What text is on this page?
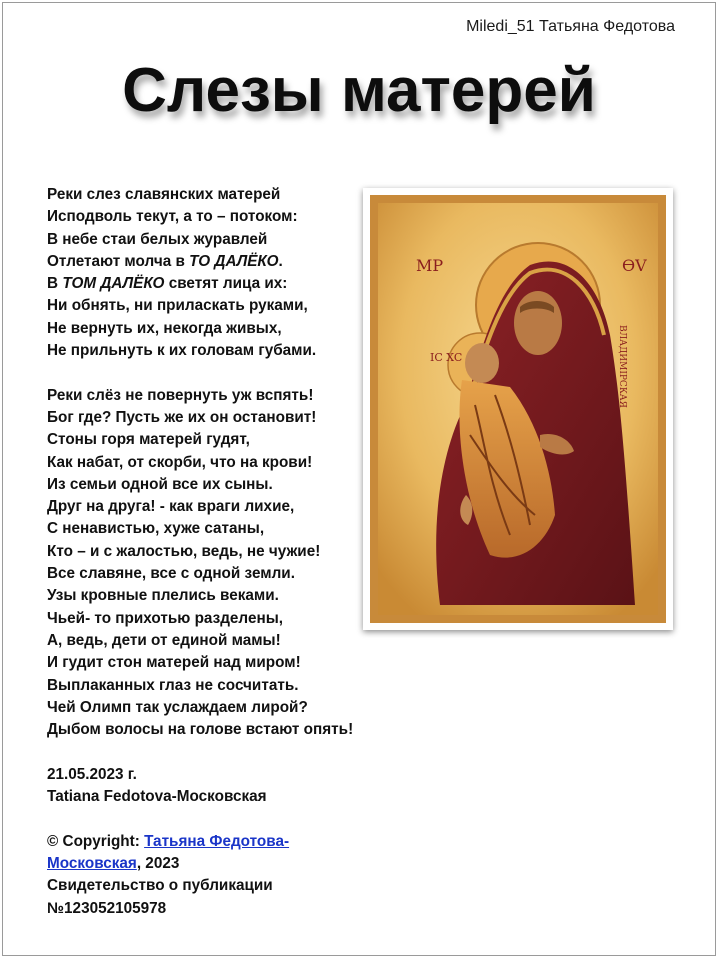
Miledi_51 Татьяна Федотова
Слезы матерей
Реки слез славянских матерей
Исподволь текут, а то – потоком:
В небе стаи белых журавлей
Отлетают молча в ТО ДАЛЁКО.
В ТОМ ДАЛЁКО светят лица их:
Ни обнять, ни приласкать руками,
Не вернуть их, некогда живых,
Не прильнуть к их головам губами.
Реки слёз не повернуть уж вспять!
Бог где? Пусть же их он остановит!
Стоны горя матерей гудят,
Как набат, от скорби, что на крови!
Из семьи одной все их сыны.
Друг на друга! - как враги лихие,
С ненавистью, хуже сатаны,
Кто – и с жалостью, ведь, не чужие!
Все славяне, все с одной земли.
Узы кровные плелись веками.
Чьей- то прихотью разделены,
А, ведь, дети от единой мамы!
И гудит стон матерей над миром!
Выплаканных глаз не сосчитать.
Чей Олимп так услаждаем лирой?
Дыбом волосы на голове встают опять!
21.05.2023 г.
Tatiana Fedotova-Московская
© Copyright: Татьяна Федотова-
Московская, 2023
Свидетельство о публикации
№123052105978
МР	ѲV
IC XC	ВЛАДИМIРСКАЯ
